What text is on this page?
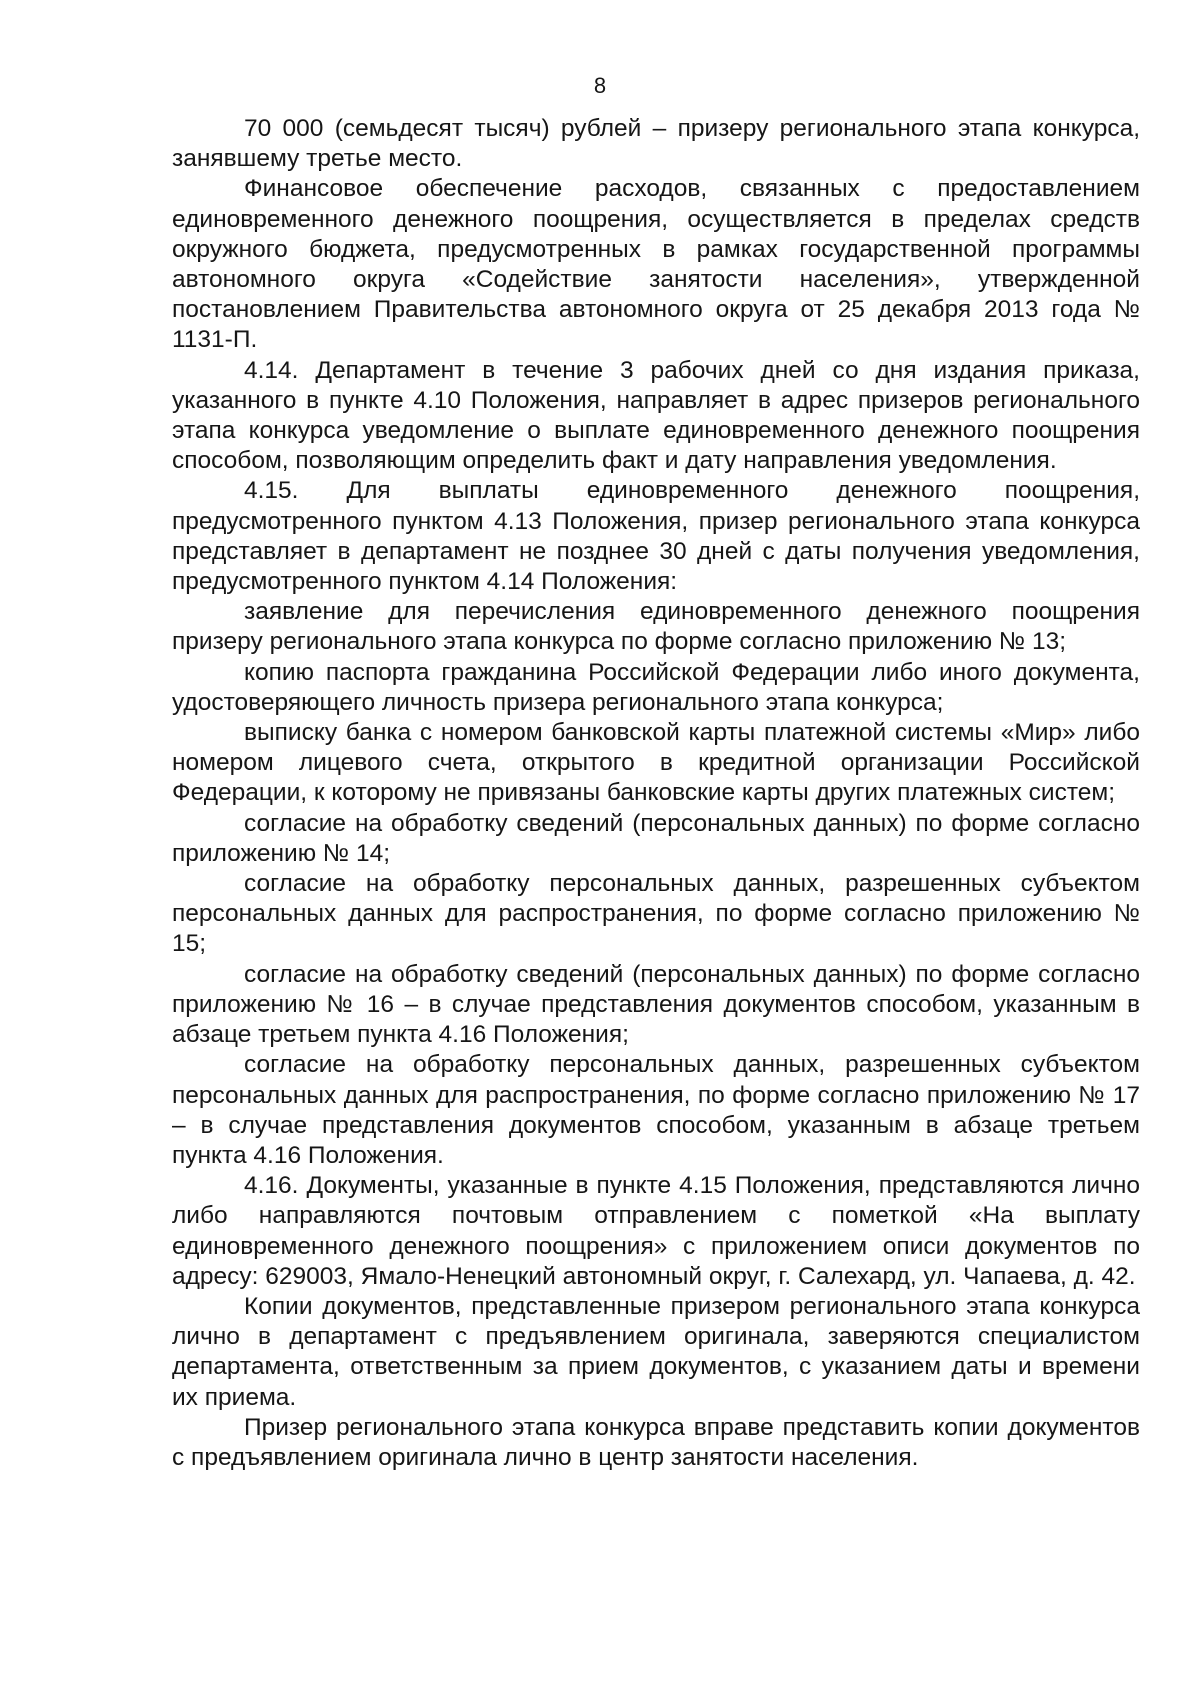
8

70 000 (семьдесят тысяч) рублей – призеру регионального этапа конкурса, занявшему третье место.

Финансовое обеспечение расходов, связанных с предоставлением единовременного денежного поощрения, осуществляется в пределах средств окружного бюджета, предусмотренных в рамках государственной программы автономного округа «Содействие занятости населения», утвержденной постановлением Правительства автономного округа от 25 декабря 2013 года № 1131-П.

4.14. Департамент в течение 3 рабочих дней со дня издания приказа, указанного в пункте 4.10 Положения, направляет в адрес призеров регионального этапа конкурса уведомление о выплате единовременного денежного поощрения способом, позволяющим определить факт и дату направления уведомления.

4.15. Для выплаты единовременного денежного поощрения, предусмотренного пунктом 4.13 Положения, призер регионального этапа конкурса представляет в департамент не позднее 30 дней с даты получения уведомления, предусмотренного пунктом 4.14 Положения:

заявление для перечисления единовременного денежного поощрения призеру регионального этапа конкурса по форме согласно приложению № 13;

копию паспорта гражданина Российской Федерации либо иного документа, удостоверяющего личность призера регионального этапа конкурса;

выписку банка с номером банковской карты платежной системы «Мир» либо номером лицевого счета, открытого в кредитной организации Российской Федерации, к которому не привязаны банковские карты других платежных систем;

согласие на обработку сведений (персональных данных) по форме согласно приложению № 14;

согласие на обработку персональных данных, разрешенных субъектом персональных данных для распространения, по форме согласно приложению № 15;

согласие на обработку сведений (персональных данных) по форме согласно приложению № 16 – в случае представления документов способом, указанным в абзаце третьем пункта 4.16 Положения;

согласие на обработку персональных данных, разрешенных субъектом персональных данных для распространения, по форме согласно приложению № 17 – в случае представления документов способом, указанным в абзаце третьем пункта 4.16 Положения.

4.16. Документы, указанные в пункте 4.15 Положения, представляются лично либо направляются почтовым отправлением с пометкой «На выплату единовременного денежного поощрения» с приложением описи документов по адресу: 629003, Ямало-Ненецкий автономный округ, г. Салехард, ул. Чапаева, д. 42.

Копии документов, представленные призером регионального этапа конкурса лично в департамент с предъявлением оригинала, заверяются специалистом департамента, ответственным за прием документов, с указанием даты и времени их приема.

Призер регионального этапа конкурса вправе представить копии документов с предъявлением оригинала лично в центр занятости населения.
